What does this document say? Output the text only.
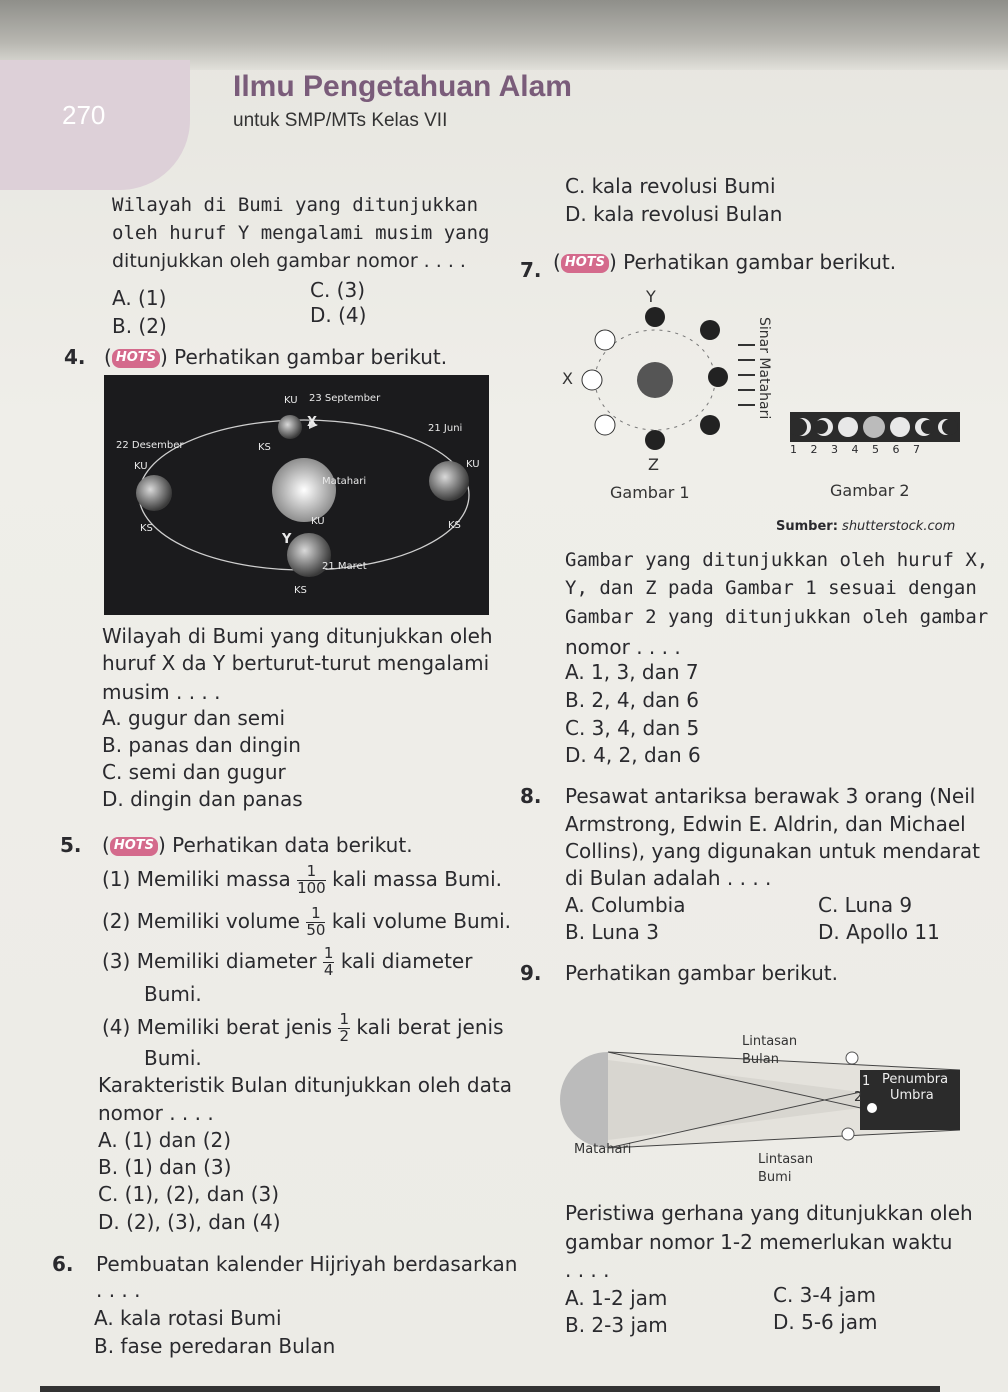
270
Ilmu Pengetahuan Alam
untuk SMP/MTs Kelas VII
Wilayah di Bumi yang ditunjukkan
oleh huruf Y mengalami musim yang
ditunjukkan oleh gambar nomor . . . .
A. (1)
B. (2)
C. (3)
D. (4)
4. ( HOTS ) Perhatikan gambar berikut.
KU 23 September
22 Desember
21 Juni
KS
KU	KU
Matahari
KU
KS	KS
Y
X
21 Maret
KS
Wilayah di Bumi yang ditunjukkan oleh
huruf X da Y berturut-turut mengalami
musim . . . .
A. gugur dan semi
B. panas dan dingin
C. semi dan gugur
D. dingin dan panas
5. ( HOTS ) Perhatikan data berikut.
(1) Memiliki massa $\frac{1}{100}$ kali massa Bumi.
(2) Memiliki volume $\frac{1}{50}$ kali volume Bumi.
(3) Memiliki diameter $\frac{1}{4}$ kali diameter
Bumi.
(4) Memiliki berat jenis $\frac{1}{2}$ kali berat jenis
Bumi.
Karakteristik Bulan ditunjukkan oleh data
nomor . . . .
A. (1) dan (2)
B. (1) dan (3)
C. (1), (2), dan (3)
D. (2), (3), dan (4)
6. Pembuatan kalender Hijriyah berdasarkan
. . . .
A. kala rotasi Bumi
B. fase peredaran Bulan
C. kala revolusi Bumi
D. kala revolusi Bulan
7. ( HOTS ) Perhatikan gambar berikut.
Y
X
Z
Sinar Matahari
Gambar 1	Gambar 2
1 2 3 4 5 6 7
Sumber: shutterstock.com
Gambar yang ditunjukkan oleh huruf X,
Y, dan Z pada Gambar 1 sesuai dengan
Gambar 2 yang ditunjukkan oleh gambar
nomor . . . .
A. 1, 3, dan 7
B. 2, 4, dan 6
C. 3, 4, dan 5
D. 4, 2, dan 6
8. Pesawat antariksa berawak 3 orang (Neil
Armstrong, Edwin E. Aldrin, dan Michael
Collins), yang digunakan untuk mendarat
di Bulan adalah . . . .
A. Columbia
B. Luna 3
C. Luna 9
D. Apollo 11
9. Perhatikan gambar berikut.
Lintasan
Bulan
Penumbra
Umbra
1
2
Matahari
Lintasan
Bumi
Peristiwa gerhana yang ditunjukkan oleh
gambar nomor 1-2 memerlukan waktu
. . . .
A. 1-2 jam
B. 2-3 jam
C. 3-4 jam
D. 5-6 jam
